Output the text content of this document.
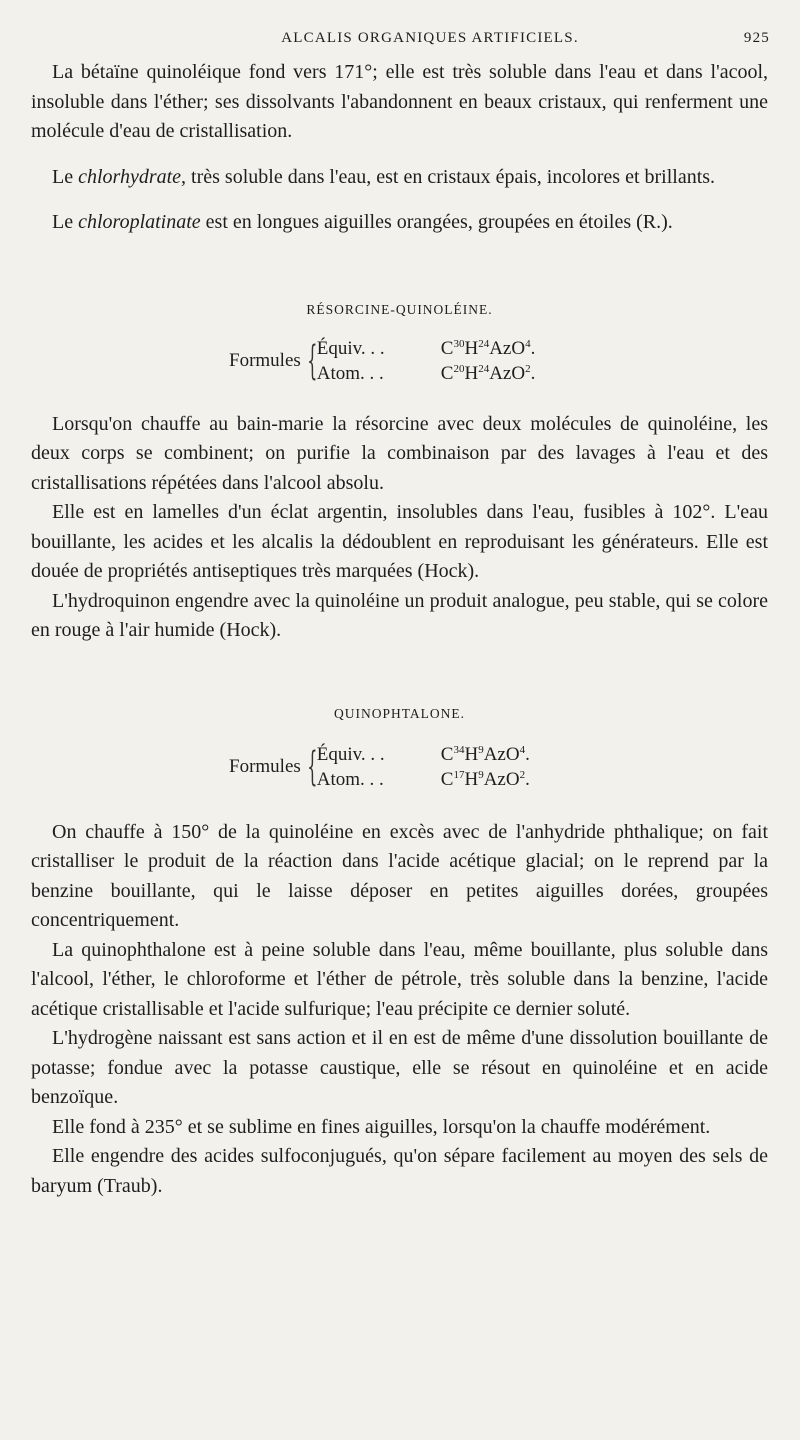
ALCALIS ORGANIQUES ARTIFICIELS.	925

La bétaïne quinoléique fond vers 171°; elle est très soluble dans l'eau et dans l'acool, insoluble dans l'éther; ses dissolvants l'abandonnent en beaux cristaux, qui renferment une molécule d'eau de cristallisation.

Le chlorhydrate, très soluble dans l'eau, est en cristaux épais, incolores et brillants.

Le chloroplatinate est en longues aiguilles orangées, groupées en étoiles (R.).

RÉSORCINE-QUINOLÉINE.
Formules { Équiv. . .	$C^{30}H^{24}AzO^4$.
Atom. . .	$C^{20}H^{24}AzO^2$.

Lorsqu'on chauffe au bain-marie la résorcine avec deux molécules de quinoléine, les deux corps se combinent; on purifie la combinaison par des lavages à l'eau et des cristallisations répétées dans l'alcool absolu.

Elle est en lamelles d'un éclat argentin, insolubles dans l'eau, fusibles à 102°. L'eau bouillante, les acides et les alcalis la dédoublent en reproduisant les générateurs. Elle est douée de propriétés antiseptiques très marquées (Hock).

L'hydroquinon engendre avec la quinoléine un produit analogue, peu stable, qui se colore en rouge à l'air humide (Hock).

QUINOPHTALONE.
Formules { Équiv. . .	$C^{34}H^9AzO^4$.
Atom. . .	$C^{17}H^9AzO^2$.

On chauffe à 150° de la quinoléine en excès avec de l'anhydride phthalique; on fait cristalliser le produit de la réaction dans l'acide acétique glacial; on le reprend par la benzine bouillante, qui le laisse déposer en petites aiguilles dorées, groupées concentriquement.

La quinophthalone est à peine soluble dans l'eau, même bouillante, plus soluble dans l'alcool, l'éther, le chloroforme et l'éther de pétrole, très soluble dans la benzine, l'acide acétique cristallisable et l'acide sulfurique; l'eau précipite ce dernier soluté.

L'hydrogène naissant est sans action et il en est de même d'une dissolution bouillante de potasse; fondue avec la potasse caustique, elle se résout en quinoléine et en acide benzoïque.

Elle fond à 235° et se sublime en fines aiguilles, lorsqu'on la chauffe modérément.

Elle engendre des acides sulfoconjugués, qu'on sépare facilement au moyen des sels de baryum (Traub).
